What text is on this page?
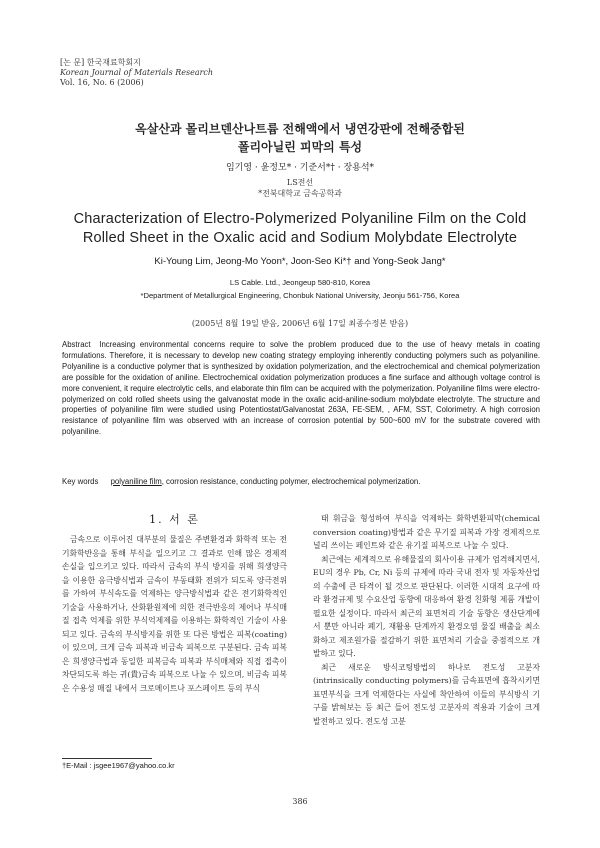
[논 문] 한국재료학회지
Korean Journal of Materials Research
Vol. 16, No. 6 (2006)
옥살산과 몰리브덴산나트륨 전해액에서 냉연강판에 전해중합된
폴리아닐린 피막의 특성
임기영 · 윤정모* · 기준서*† · 장용석*
LS전선
*전북대학교 금속공학과
Characterization of Electro-Polymerized Polyaniline Film on the Cold
Rolled Sheet in the Oxalic acid and Sodium Molybdate Electrolyte
Ki-Young Lim, Jeong-Mo Yoon*, Joon-Seo Ki*† and Yong-Seok Jang*
LS Cable. Ltd., Jeongeup 580-810, Korea
*Department of Metallurgical Engineering, Chonbuk National University, Jeonju 561-756, Korea
(2005년 8월 19일 받음, 2006년 6월 17일 최종수정본 받음)
Abstract Increasing environmental concerns require to solve the problem produced due to the use of heavy metals in coating formulations. Therefore, it is necessary to develop new coating strategy employing inherently conducting polymers such as polyaniline. Polyaniline is a conductive polymer that is synthesized by oxidation polymerization, and the electrochemical and chemical polymerization are possible for the oxidation of aniline. Electrochemical oxidation polymerization produces a fine surface and although voltage control is more convenient, it require electrolytic cells, and elaborate thin film can be acquired with the polymerization. Polyaniline films were electro-polymerized on cold rolled sheets using the galvanostat mode in the oxalic acid-aniline-sodium molybdate electrolyte. The structure and properties of polyaniline film were studied using Potentiostat/Galvanostat 263A, FE-SEM, , AFM, SST, Colorimetry. A high corrosion resistance of polyaniline film was observed with an increase of corrosion potential by 500~600 mV for the substrate covered with polyaniline.
Key words polyaniline film, corrosion resistance, conducting polymer, electrochemical polymerization.
1. 서 론

금속으로 이루어진 대부분의 물질은 주변환경과 화학적 또는 전기화학반응을 통해 부식을 일으키고 그 결과로 인해 많은 경제적 손실을 입으키고 있다. 따라서 금속의 부식 방지를 위해 희생양극을 이용한 음극방식법과 금속이 부동태화 전위가 되도록 양극전위를 가하여 부식속도를 억제하는 양극방식법과 같은 전기화학적인 기술을 사용하거나, 산화환원제에 의한 전극반응의 제어나 부식매질 접촉 억제를 위한 부식억제제를 이용하는 화학적인 기술이 사용되고 있다. 금속의 부식방지를 위한 또 다른 방법은 피복(coating)이 있으며, 크게 금속 피복과 비금속 피복으로 구분된다. 금속 피복은 희생양극법과 동일한 피복금속 피복과 부식매체와 직접 접촉이 차단되도록 하는 귀(貴)금속 피복으로 나눌 수 있으며, 비금속 피복은 수용성 매질 내에서 크로메이트나 포스페이트 등의 부식

태 휘금을 형성하여 부식을 억제하는 화학변환피막(chemical conversion coating)방법과 같은 무기질 피복과 가장 경제적으로 널리 쓰이는 페인트와 같은 유기질 피복으로 나눌 수 있다.

최근에는 세계적으로 유해물질의 회사이용 규제가 엄격해지면서, EU의 경우 Pb, Cr, Ni 등의 규제에 따라 국내 전자 및 자동차산업의 수출에 큰 타격이 될 것으로 판단된다. 이러한 시대적 요구에 따라 환경규제 및 수요산업 동향에 대응하여 환경 친화형 제품 개발이 필요한 실정이다. 따라서 최근의 표면처리 기술 동향은 생산단계에서 뿐만 아니라 폐기, 재활용 단계까지 환경오염 물질 배출을 최소화하고 제조원가를 절감하기 위한 표면처리 기술을 중점적으로 개발하고 있다.

최근 새로운 방식코팅방법의 하나로 전도성 고분자(intrinsically conducting polymers)를 금속표면에 흡착시키면 표면부식을 크게 억제한다는 사실에 착안하여 이들의 부식방식 기구를 밝혀보는 등 최근 들어 전도성 고분자의 적용과 기술이 크게 발전하고 있다. 전도성 고분

†E-Mail : jsgee1967@yahoo.co.kr
386
